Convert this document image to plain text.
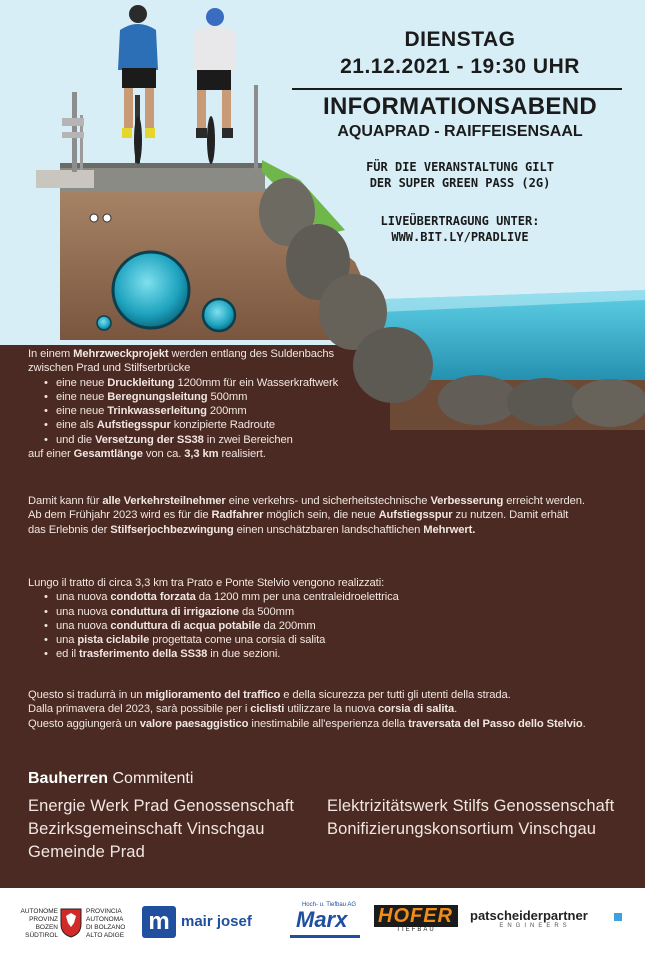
DIENSTAG
21.12.2021 - 19:30 UHR
INFORMATIONSABEND
AQUAPRAD - RAIFFEISENSAAL
FÜR DIE VERANSTALTUNG GILT
DER SUPER GREEN PASS (2G)
LIVEÜBERTRAGUNG UNTER:
WWW.BIT.LY/PRADLIVE
In einem Mehrzweckprojekt werden entlang des Suldenbachs
zwischen Prad und Stilfserbrücke
• eine neue Druckleitung 1200mm für ein Wasserkraftwerk
• eine neue Beregnungsleitung 500mm
• eine neue Trinkwasserleitung 200mm
• eine als Aufstiegsspur konzipierte Radroute
• und die Versetzung der SS38 in zwei Bereichen
auf einer Gesamtlänge von ca. 3,3 km realisiert.
Damit kann für alle Verkehrsteilnehmer eine verkehrs- und sicherheitstechnische Verbesserung erreicht werden.
Ab dem Frühjahr 2023 wird es für die Radfahrer möglich sein, die neue Aufstiegsspur zu nutzen. Damit erhält
das Erlebnis der Stilfserjochbezwingung einen unschätzbaren landschaftlichen Mehrwert.
Lungo il tratto di circa 3,3 km tra Prato e Ponte Stelvio vengono realizzati:
• una nuova condotta forzata da 1200 mm per una centraleidroelettrica
• una nuova conduttura di irrigazione da 500mm
• una nuova conduttura di acqua potabile da 200mm
• una pista ciclabile progettata come una corsia di salita
• ed il trasferimento della SS38 in due sezioni.
Questo si tradurrà in un miglioramento del traffico e della sicurezza per tutti gli utenti della strada.
Dalla primavera del 2023, sarà possibile per i ciclisti utilizzare la nuova corsia di salita.
Questo aggiungerà un valore paesaggistico inestimabile all'esperienza della traversata del Passo dello Stelvio.
Bauherren Commitenti
Energie Werk Prad Genossenschaft
Bezirksgemeinschaft Vinschgau
Gemeinde Prad
Elektrizitätswerk Stilfs Genossenschaft
Bonifizierungskonsortium Vinschgau
AUTONOME
PROVINZ
BOZEN
SÜDTIROL
PROVINCIA
AUTONOMA
DI BOLZANO
ALTO ADIGE
m mair josef
Hoch- u. Tiefbau AG
Marx	HOFER
TIEFBAU
patscheiderpartner
ENGINEERS
